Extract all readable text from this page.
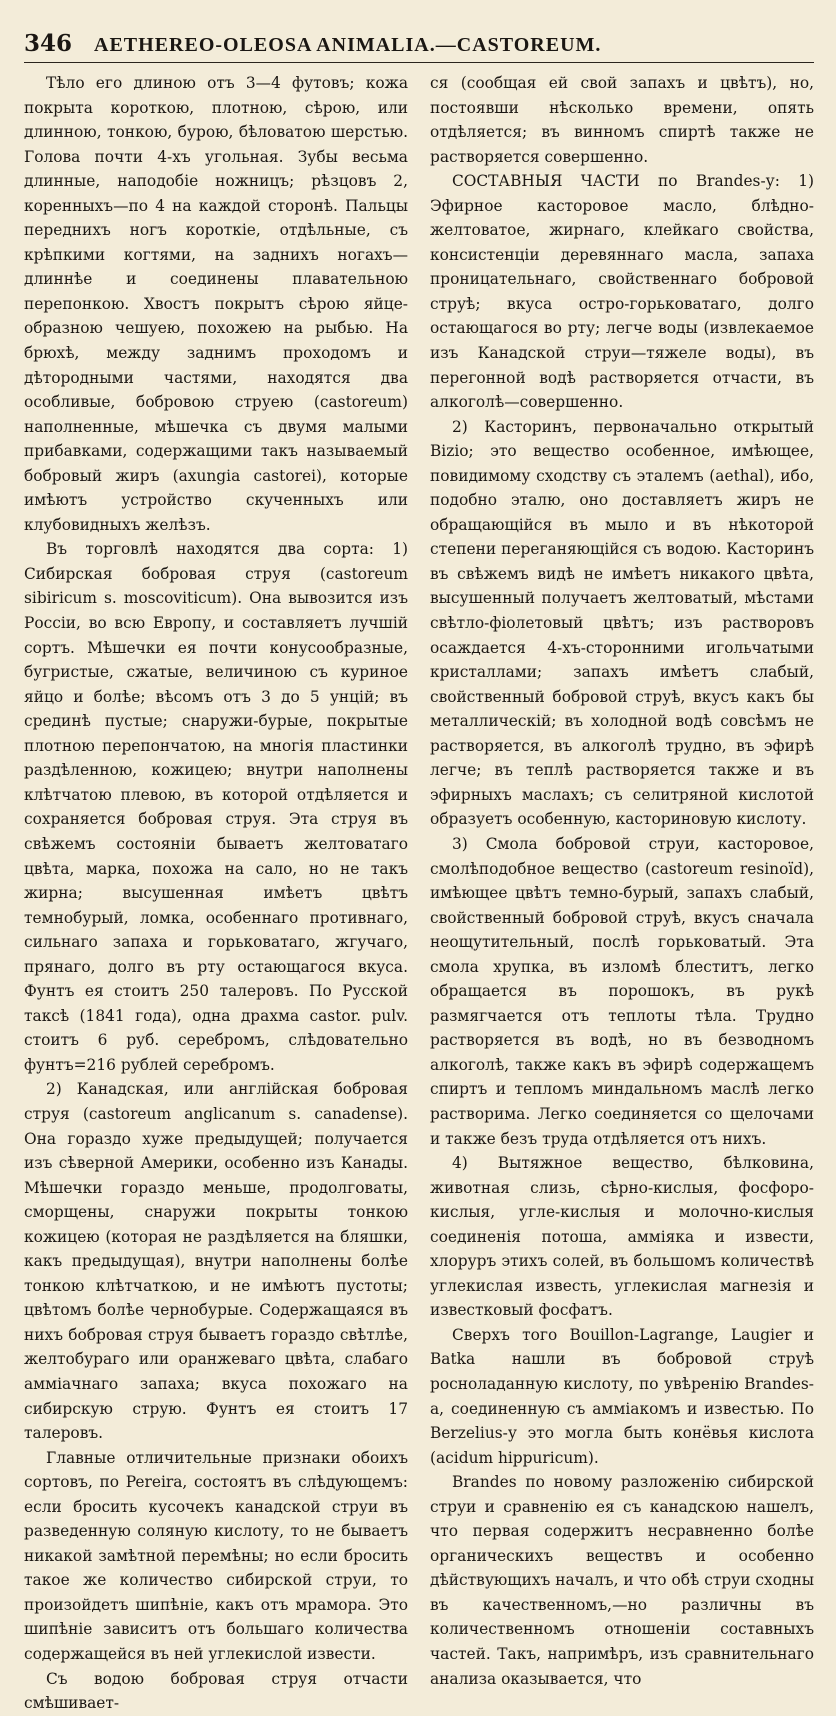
346 AETHEREO-OLEOSA ANIMALIA.—CASTOREUM.

Тѣло его длиною отъ 3—4 футовъ; кожа покрыта короткою, плотною, сѣрою, или длинною, тонкою, бурою, бѣловатою шерстью. Голова почти 4-хъ угольная. Зубы весьма длинные, наподобіе ножницъ; рѣзцовъ 2, коренныхъ—по 4 на каждой сторонѣ. Пальцы переднихъ ногъ короткіе, отдѣльные, съ крѣпкими когтями, на заднихъ ногахъ—длиннѣе и соединены плавательною перепонкою. Хвостъ покрытъ сѣрою яйце-образною чешуею, похожею на рыбью. На брюхѣ, между заднимъ проходомъ и дѣтородными частями, находятся два особливые, бобровою струею (castoreum) наполненные, мѣшечка съ двумя малыми прибавками, содержащими такъ называемый бобровый жиръ (axungia castorei), которые имѣютъ устройство скученныхъ или клубовидныхъ желѣзъ.

Въ торговлѣ находятся два сорта: 1) Сибирская бобровая струя (castoreum sibiricum s. moscoviticum). Она вывозится изъ Россіи, во всю Европу, и составляетъ лучшій сортъ. Мѣшечки ея почти конусообразные, бугристые, сжатые, величиною съ куриное яйцо и болѣе; вѣсомъ отъ 3 до 5 унцій; въ срединѣ пустые; снаружи-бурые, покрытые плотною перепончатою, на многія пластинки раздѣленною, кожицею; внутри наполнены клѣтчатою плевою, въ которой отдѣляется и сохраняется бобровая струя. Эта струя въ свѣжемъ состояніи бываетъ желтоватаго цвѣта, марка, похожа на сало, но не такъ жирна; высушенная имѣетъ цвѣтъ темнобурый, ломка, особеннаго противнаго, сильнаго запаха и горьковатаго, жгучаго, прянаго, долго въ рту остающагося вкуса. Фунтъ ея стоитъ 250 талеровъ. По Русской таксѣ (1841 года), одна драхма castor. pulv. стоитъ 6 руб. серебромъ, слѣдовательно фунтъ=216 рублей серебромъ.

2) Канадская, или англійская бобровая струя (castoreum anglicanum s. canadense). Она гораздо хуже предыдущей; получается изъ сѣверной Америки, особенно изъ Канады. Мѣшечки гораздо меньше, продолговаты, сморщены, снаружи покрыты тонкою кожицею (которая не раздѣляется на бляшки, какъ предыдущая), внутри наполнены болѣе тонкою клѣтчаткою, и не имѣютъ пустоты; цвѣтомъ болѣе чернобурые. Содержащаяся въ нихъ бобровая струя бываетъ гораздо свѣтлѣе, желтобураго или оранжеваго цвѣта, слабаго аммiачнаго запаха; вкуса похожаго на сибирскую струю. Фунтъ ея стоитъ 17 талеровъ.

Главные отличительные признаки обоихъ сортовъ, по Pereira, состоятъ въ слѣдующемъ: если бросить кусочекъ канадской струи въ разведенную соляную кислоту, то не бываетъ никакой замѣтной перемѣны; но если бросить такое же количество сибирской струи, то произойдетъ шипѣніе, какъ отъ мрамора. Это шипѣніе зависитъ отъ большаго количества содержащейся въ ней углекислой извести.

Съ водою бобровая струя отчасти смѣшивает-

ся (сообщая ей свой запахъ и цвѣтъ), но, постоявши нѣсколько времени, опять отдѣляется; въ винномъ спиртѣ также не растворяется совершенно.

СОСТАВНЫЯ ЧАСТИ по Brandes-у: 1) Эфирное касторовое масло, блѣдно-желтоватое, жирнаго, клейкаго свойства, консистенціи деревяннаго масла, запаха проницательнаго, свойственнаго бобровой струѣ; вкуса остро-горьковатаго, долго остающагося во рту; легче воды (извлекаемое изъ Канадской струи—тяжеле воды), въ перегонной водѣ растворяется отчасти, въ алкоголѣ—совершенно.

2) Касторинъ, первоначально открытый Bizio; это вещество особенное, имѣющее, повидимому сходству съ эталемъ (aethal), ибо, подобно эталю, оно доставляетъ жиръ не обращающійся въ мыло и въ нѣкоторой степени переганяющійся съ водою. Касторинъ въ свѣжемъ видѣ не имѣетъ никакого цвѣта, высушенный получаетъ желтоватый, мѣстами свѣтло-фіолетовый цвѣтъ; изъ растворовъ осаждается 4-хъ-сторонними игольчатыми кристаллами; запахъ имѣетъ слабый, свойственный бобровой струѣ, вкусъ какъ бы металлическій; въ холодной водѣ совсѣмъ не растворяется, въ алкоголѣ трудно, въ эфирѣ легче; въ теплѣ растворяется также и въ эфирныхъ маслахъ; съ селитряной кислотой образуетъ особенную, касториновую кислоту.

3) Смола бобровой струи, касторовое, смолѣподобное вещество (castoreum resinoïd), имѣющее цвѣтъ темно-бурый, запахъ слабый, свойственный бобровой струѣ, вкусъ сначала неощутительный, послѣ горьковатый. Эта смола хрупка, въ изломѣ блеститъ, легко обращается въ порошокъ, въ рукѣ размягчается отъ теплоты тѣла. Трудно растворяется въ водѣ, но въ безводномъ алкоголѣ, также какъ въ эфирѣ содержащемъ спиртъ и тепломъ миндальномъ маслѣ легко растворима. Легко соединяется со щелочами и также безъ труда отдѣляется отъ нихъ.

4) Вытяжное вещество, бѣлковина, животная слизь, сѣрно-кислыя, фосфоро-кислыя, угле-кислыя и молочно-кислыя соединенія потоша, аммiяка и извести, хлоруръ этихъ солей, въ большомъ количествѣ углекислая известь, углекислая магнезія и известковый фосфатъ.

Сверхъ того Bouillon-Lagrange, Laugier и Batka нашли въ бобровой струѣ росноладанную кислоту, по увѣренію Brandes-а, соединенную съ аммiакомъ и известью. По Berzelius-у это могла быть конёвья кислота (acidum hippuricum).

Brandes по новому разложенію сибирской струи и сравненію ея съ канадскою нашелъ, что первая содержитъ несравненно болѣе органическихъ веществъ и особенно дѣйствующихъ началъ, и что обѣ струи сходны въ качественномъ,—но различны въ количественномъ отношеніи составныхъ частей. Такъ, напримѣръ, изъ сравнительнаго анализа оказывается, что
